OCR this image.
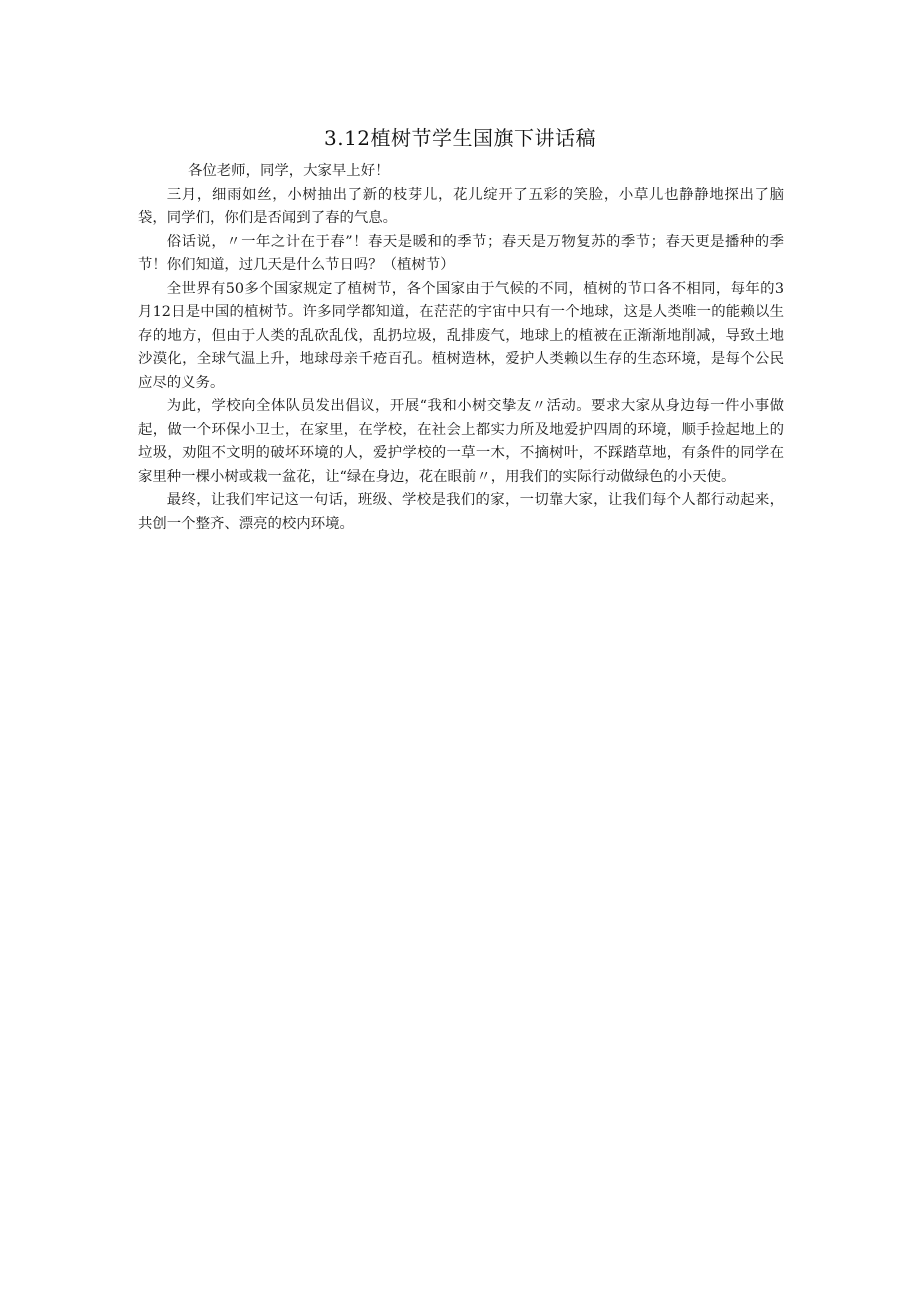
3.12植树节学生国旗下讲话稿

各位老师，同学，大家早上好！

三月，细雨如丝，小树抽出了新的枝芽儿，花儿绽开了五彩的笑脸，小草儿也静静地探出了脑袋，同学们，你们是否闻到了春的气息。

俗话说，〃一年之计在于春”！春天是暖和的季节；春天是万物复苏的季节；春天更是播种的季节！你们知道，过几天是什么节日吗？（植树节）

全世界有50多个国家规定了植树节，各个国家由于气候的不同，植树的节口各不相同，每年的3月12日是中国的植树节。许多同学都知道，在茫茫的宇宙中只有一个地球，这是人类唯一的能赖以生存的地方，但由于人类的乱砍乱伐，乱扔垃圾，乱排废气，地球上的植被在正渐渐地削减，导致土地沙漠化，全球气温上升，地球母亲千疮百孔。植树造林，爱护人类赖以生存的生态环境，是每个公民应尽的义务。

为此，学校向全体队员发出倡议，开展“我和小树交挚友〃活动。要求大家从身边每一件小事做起，做一个环保小卫士，在家里，在学校，在社会上都实力所及地爱护四周的环境，顺手捡起地上的垃圾，劝阻不文明的破坏环境的人，爱护学校的一草一木，不摘树叶，不踩踏草地，有条件的同学在家里种一棵小树或栽一盆花，让“绿在身边，花在眼前〃，用我们的实际行动做绿色的小天使。

最终，让我们牢记这一句话，班级、学校是我们的家，一切靠大家，让我们每个人都行动起来，共创一个整齐、漂亮的校内环境。
